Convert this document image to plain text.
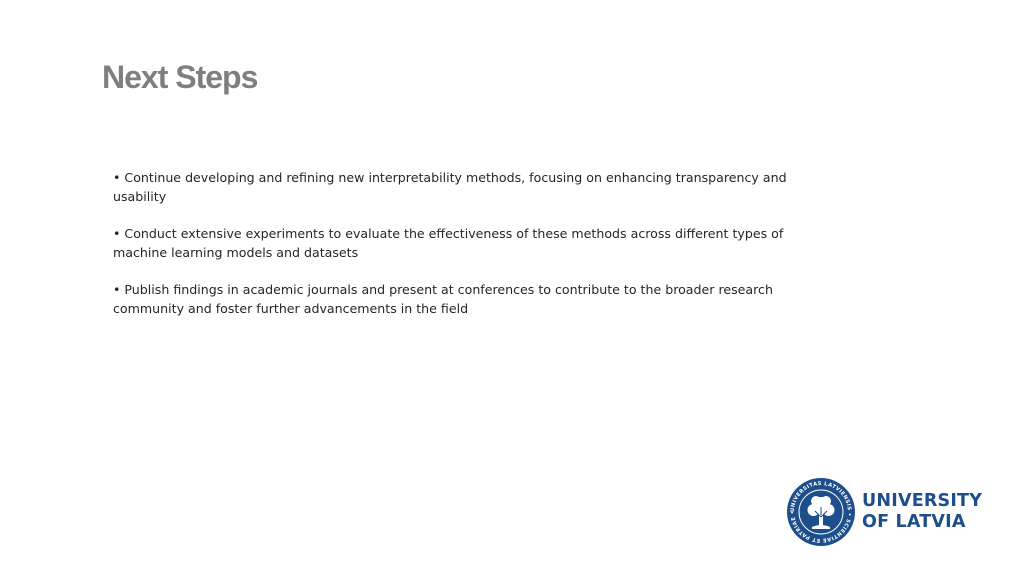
Next Steps
• Continue developing and refining new interpretability methods, focusing on enhancing transparency and usability
• Conduct extensive experiments to evaluate the effectiveness of these methods across different types of machine learning models and datasets
• Publish findings in academic journals and present at conferences to contribute to the broader research community and foster further advancements in the field
UNIVERSITAS LATVIENSIS • SCIENTIAE ET PATRIAE •
UNIVERSITY
OF LATVIA
